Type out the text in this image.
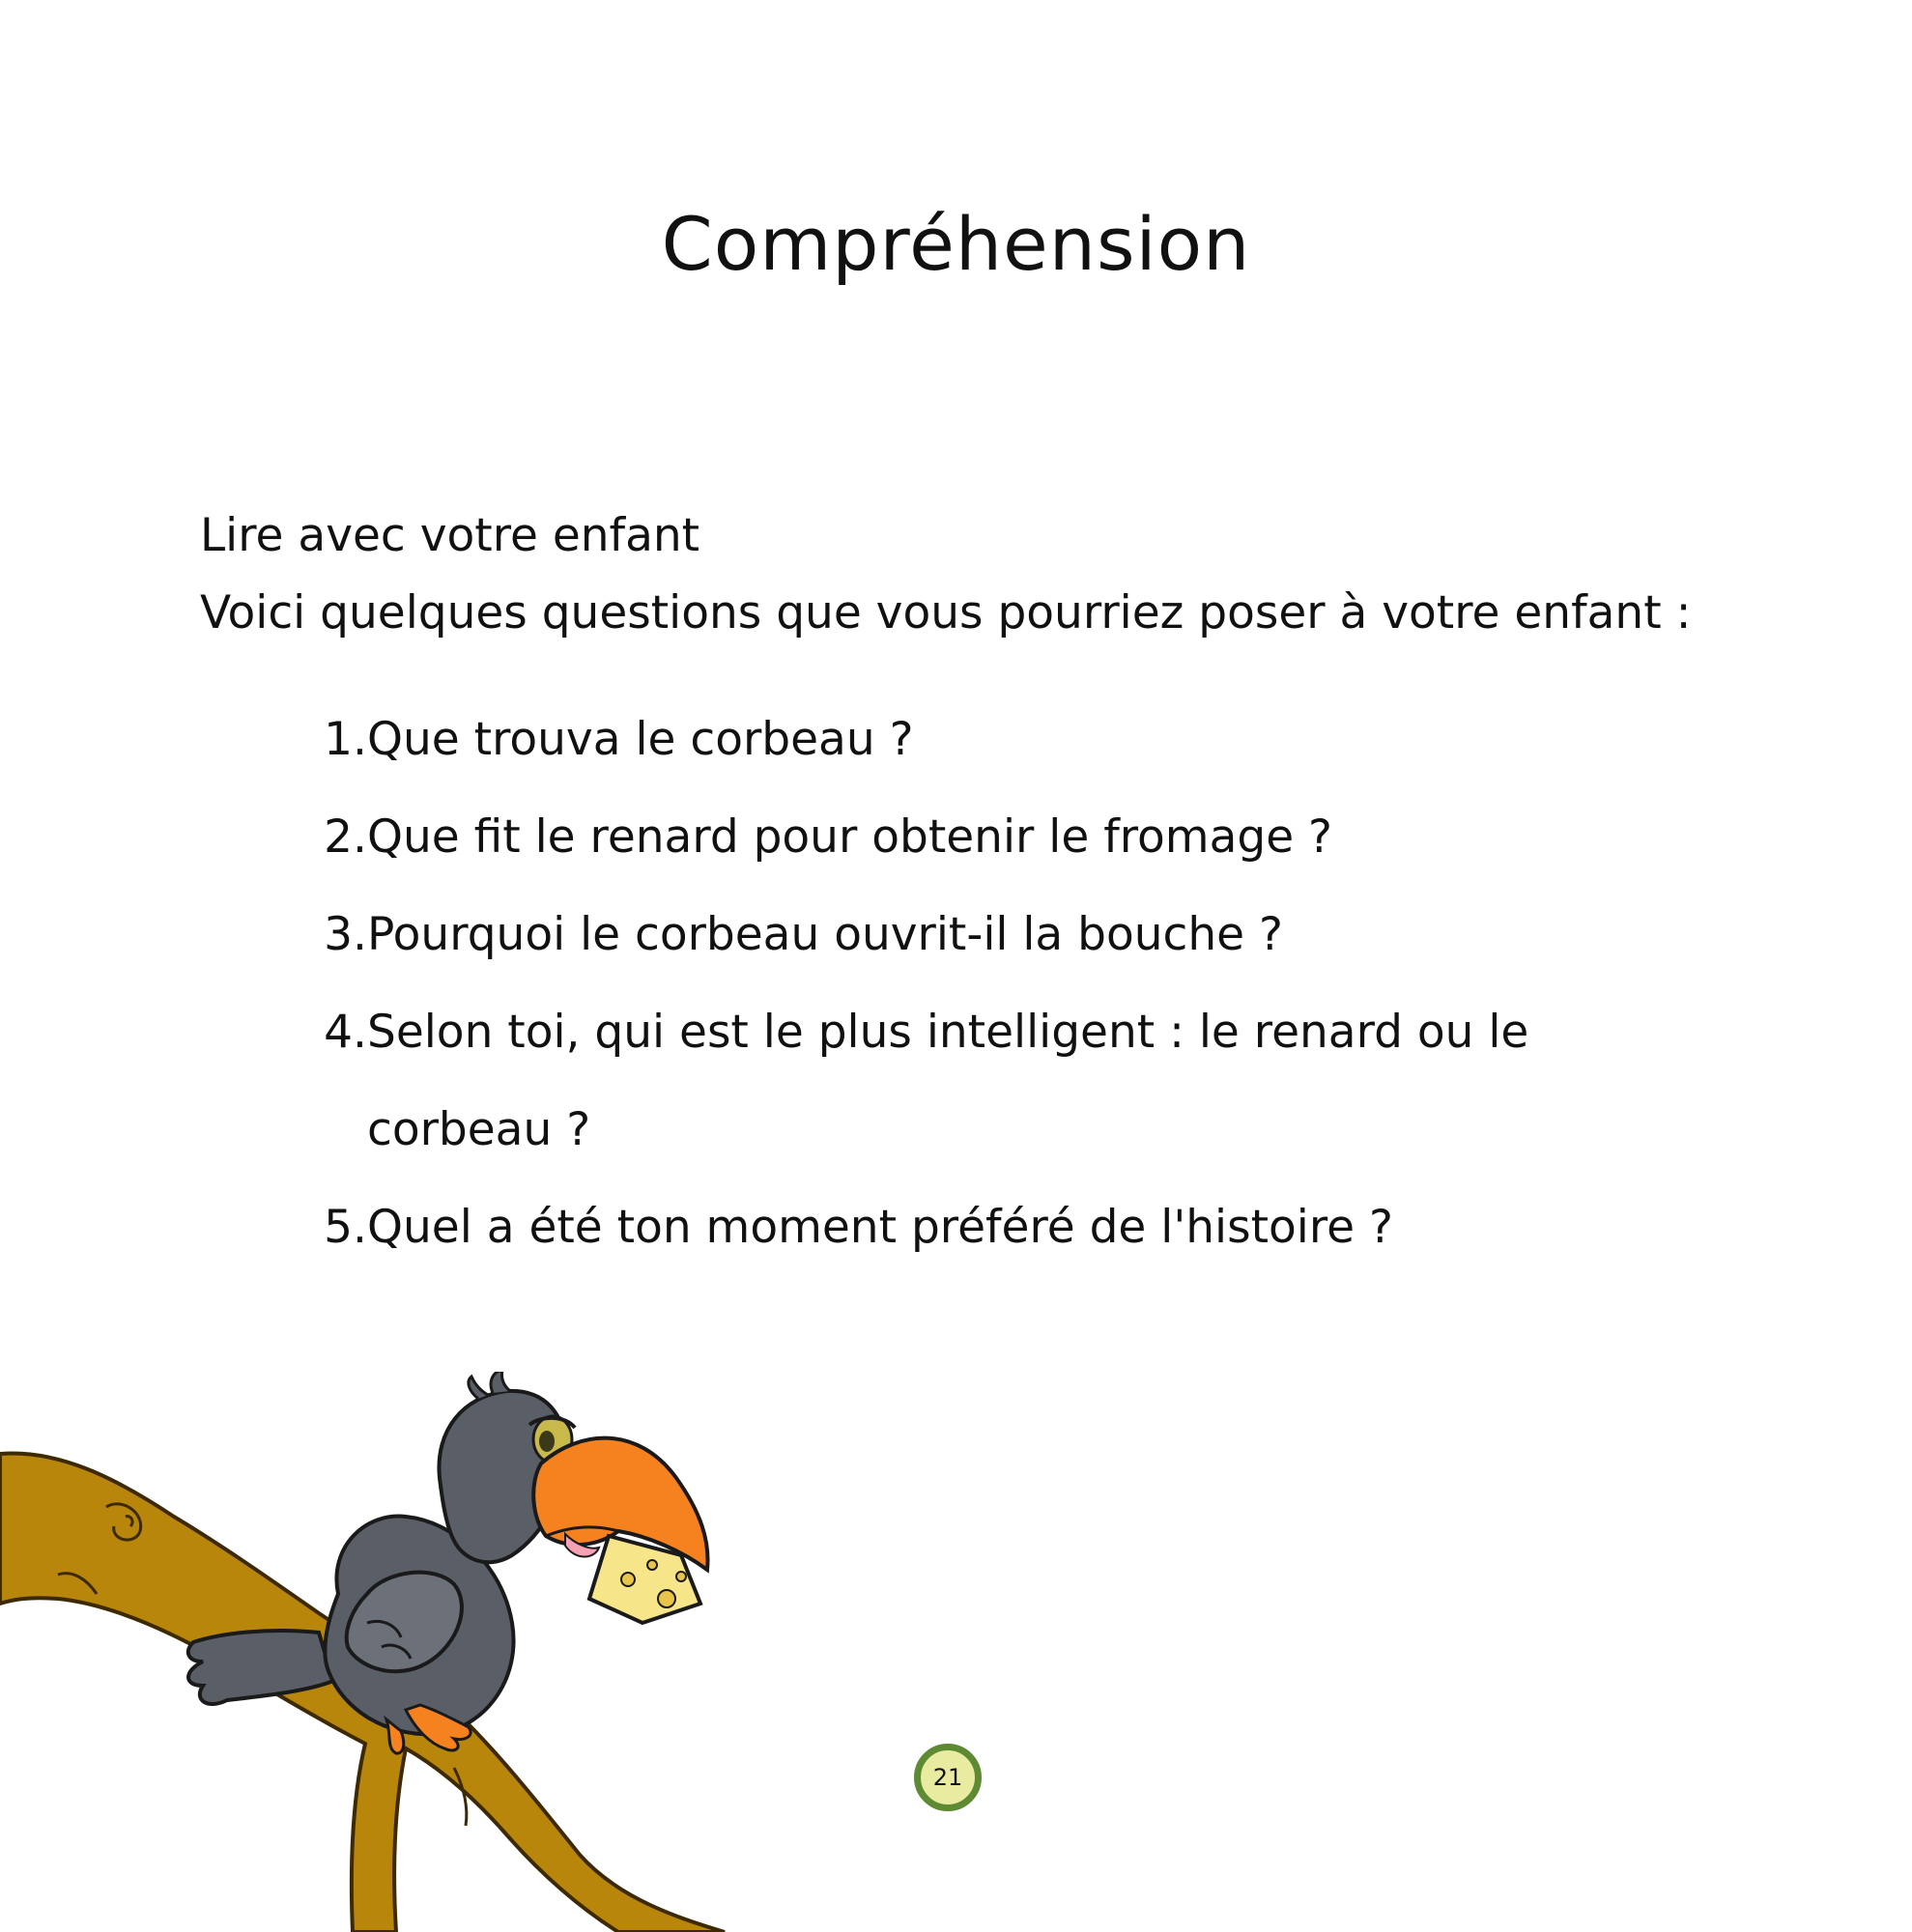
Compréhension
Lire avec votre enfant
Voici quelques questions que vous pourriez poser à votre enfant :
1. Que trouva le corbeau ?
2. Que fit le renard pour obtenir le fromage ?
3. Pourquoi le corbeau ouvrit-il la bouche ?
4. Selon toi, qui est le plus intelligent : le renard ou le corbeau ?
5. Quel a été ton moment préféré de l'histoire ?
21
